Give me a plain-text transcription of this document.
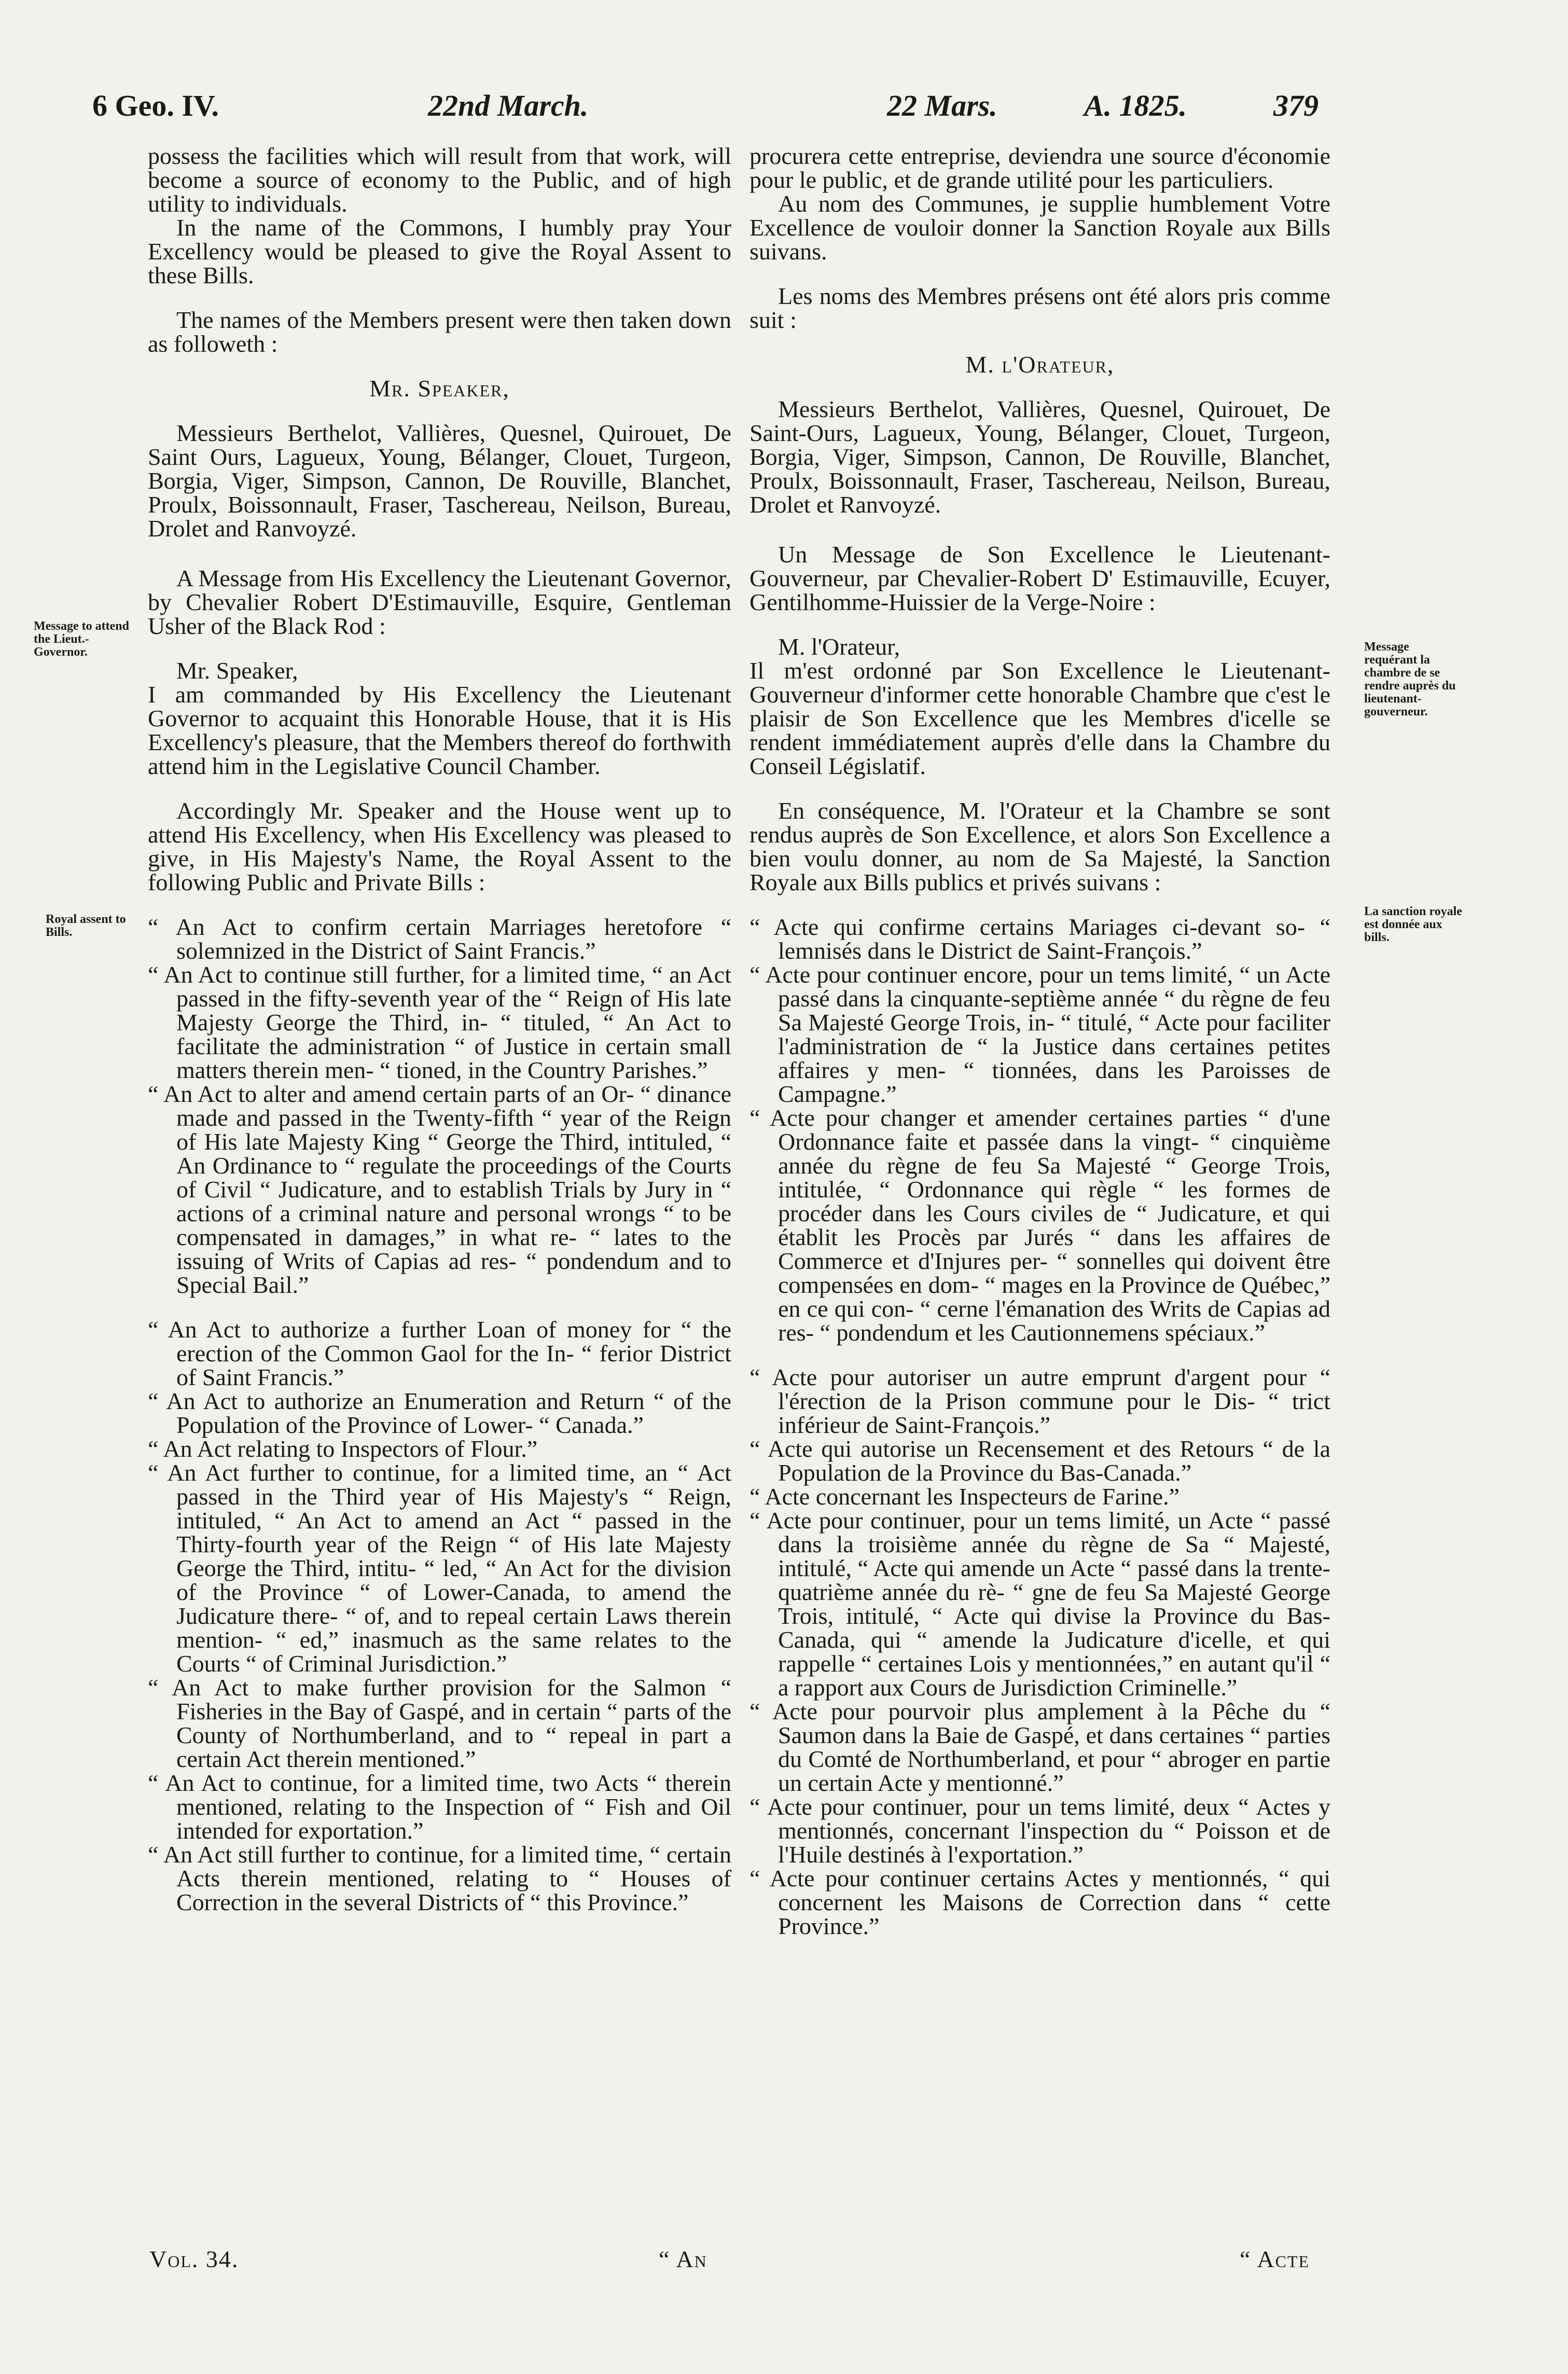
6 Geo. IV.	22nd March.	22 Mars.	A. 1825.	379
Message to attend the Lieut.-Governor.
Royal assent to Bills.
Message requérant la chambre de se rendre auprès du lieutenant-gouverneur.
La sanction royale est donnée aux bills.

possess the facilities which will result from that work, will become a source of economy to the Public, and of high utility to individuals.

In the name of the Commons, I humbly pray Your Excellency would be pleased to give the Royal Assent to these Bills.

The names of the Members present were then taken down as followeth :

Mr. Speaker,

Messieurs Berthelot, Vallières, Quesnel, Quirouet, De Saint Ours, Lagueux, Young, Bélanger, Clouet, Turgeon, Borgia, Viger, Simpson, Cannon, De Rouville, Blanchet, Proulx, Boissonnault, Fraser, Taschereau, Neilson, Bureau, Drolet and Ranvoyzé.

A Message from His Excellency the Lieutenant Governor, by Chevalier Robert D'Estimauville, Esquire, Gentleman Usher of the Black Rod :

Mr. Speaker,

I am commanded by His Excellency the Lieutenant Governor to acquaint this Honorable House, that it is His Excellency's pleasure, that the Members thereof do forthwith attend him in the Legislative Council Chamber.

Accordingly Mr. Speaker and the House went up to attend His Excellency, when His Excellency was pleased to give, in His Majesty's Name, the Royal Assent to the following Public and Private Bills :

“ An Act to confirm certain Marriages heretofore “ solemnized in the District of Saint Francis.”

“ An Act to continue still further, for a limited time, “ an Act passed in the fifty-seventh year of the “ Reign of His late Majesty George the Third, in- “ tituled, “ An Act to facilitate the administration “ of Justice in certain small matters therein men- “ tioned, in the Country Parishes.”

“ An Act to alter and amend certain parts of an Or- “ dinance made and passed in the Twenty-fifth “ year of the Reign of His late Majesty King “ George the Third, intituled, “ An Ordinance to “ regulate the proceedings of the Courts of Civil “ Judicature, and to establish Trials by Jury in “ actions of a criminal nature and personal wrongs “ to be compensated in damages,” in what re- “ lates to the issuing of Writs of Capias ad res- “ pondendum and to Special Bail.”

“ An Act to authorize a further Loan of money for “ the erection of the Common Gaol for the In- “ ferior District of Saint Francis.”

“ An Act to authorize an Enumeration and Return “ of the Population of the Province of Lower- “ Canada.”

“ An Act relating to Inspectors of Flour.”

“ An Act further to continue, for a limited time, an “ Act passed in the Third year of His Majesty's “ Reign, intituled, “ An Act to amend an Act “ passed in the Thirty-fourth year of the Reign “ of His late Majesty George the Third, intitu- “ led, “ An Act for the division of the Province “ of Lower-Canada, to amend the Judicature there- “ of, and to repeal certain Laws therein mention- “ ed,” inasmuch as the same relates to the Courts “ of Criminal Jurisdiction.”

“ An Act to make further provision for the Salmon “ Fisheries in the Bay of Gaspé, and in certain “ parts of the County of Northumberland, and to “ repeal in part a certain Act therein mentioned.”

“ An Act to continue, for a limited time, two Acts “ therein mentioned, relating to the Inspection of “ Fish and Oil intended for exportation.”

“ An Act still further to continue, for a limited time, “ certain Acts therein mentioned, relating to “ Houses of Correction in the several Districts of “ this Province.”

procurera cette entreprise, deviendra une source d'économie pour le public, et de grande utilité pour les particuliers.

Au nom des Communes, je supplie humblement Votre Excellence de vouloir donner la Sanction Royale aux Bills suivans.

Les noms des Membres présens ont été alors pris comme suit :

M. l'Orateur,

Messieurs Berthelot, Vallières, Quesnel, Quirouet, De Saint-Ours, Lagueux, Young, Bélanger, Clouet, Turgeon, Borgia, Viger, Simpson, Cannon, De Rouville, Blanchet, Proulx, Boissonnault, Fraser, Taschereau, Neilson, Bureau, Drolet et Ranvoyzé.

Un Message de Son Excellence le Lieutenant-Gouverneur, par Chevalier-Robert D' Estimauville, Ecuyer, Gentilhomme-Huissier de la Verge-Noire :

M. l'Orateur,

Il m'est ordonné par Son Excellence le Lieutenant-Gouverneur d'informer cette honorable Chambre que c'est le plaisir de Son Excellence que les Membres d'icelle se rendent immédiatement auprès d'elle dans la Chambre du Conseil Législatif.

En conséquence, M. l'Orateur et la Chambre se sont rendus auprès de Son Excellence, et alors Son Excellence a bien voulu donner, au nom de Sa Majesté, la Sanction Royale aux Bills publics et privés suivans :

“ Acte qui confirme certains Mariages ci-devant so- “ lemnisés dans le District de Saint-François.”

“ Acte pour continuer encore, pour un tems limité, “ un Acte passé dans la cinquante-septième année “ du règne de feu Sa Majesté George Trois, in- “ titulé, “ Acte pour faciliter l'administration de “ la Justice dans certaines petites affaires y men- “ tionnées, dans les Paroisses de Campagne.”

“ Acte pour changer et amender certaines parties “ d'une Ordonnance faite et passée dans la vingt- “ cinquième année du règne de feu Sa Majesté “ George Trois, intitulée, “ Ordonnance qui règle “ les formes de procéder dans les Cours civiles de “ Judicature, et qui établit les Procès par Jurés “ dans les affaires de Commerce et d'Injures per- “ sonnelles qui doivent être compensées en dom- “ mages en la Province de Québec,” en ce qui con- “ cerne l'émanation des Writs de Capias ad res- “ pondendum et les Cautionnemens spéciaux.”

“ Acte pour autoriser un autre emprunt d'argent pour “ l'érection de la Prison commune pour le Dis- “ trict inférieur de Saint-François.”

“ Acte qui autorise un Recensement et des Retours “ de la Population de la Province du Bas-Canada.”

“ Acte concernant les Inspecteurs de Farine.”

“ Acte pour continuer, pour un tems limité, un Acte “ passé dans la troisième année du règne de Sa “ Majesté, intitulé, “ Acte qui amende un Acte “ passé dans la trente-quatrième année du rè- “ gne de feu Sa Majesté George Trois, intitulé, “ Acte qui divise la Province du Bas-Canada, qui “ amende la Judicature d'icelle, et qui rappelle “ certaines Lois y mentionnées,” en autant qu'il “ a rapport aux Cours de Jurisdiction Criminelle.”

“ Acte pour pourvoir plus amplement à la Pêche du “ Saumon dans la Baie de Gaspé, et dans certaines “ parties du Comté de Northumberland, et pour “ abroger en partie un certain Acte y mentionné.”

“ Acte pour continuer, pour un tems limité, deux “ Actes y mentionnés, concernant l'inspection du “ Poisson et de l'Huile destinés à l'exportation.”

“ Acte pour continuer certains Actes y mentionnés, “ qui concernent les Maisons de Correction dans “ cette Province.”

Vol. 34.	“ An	“ Acte
